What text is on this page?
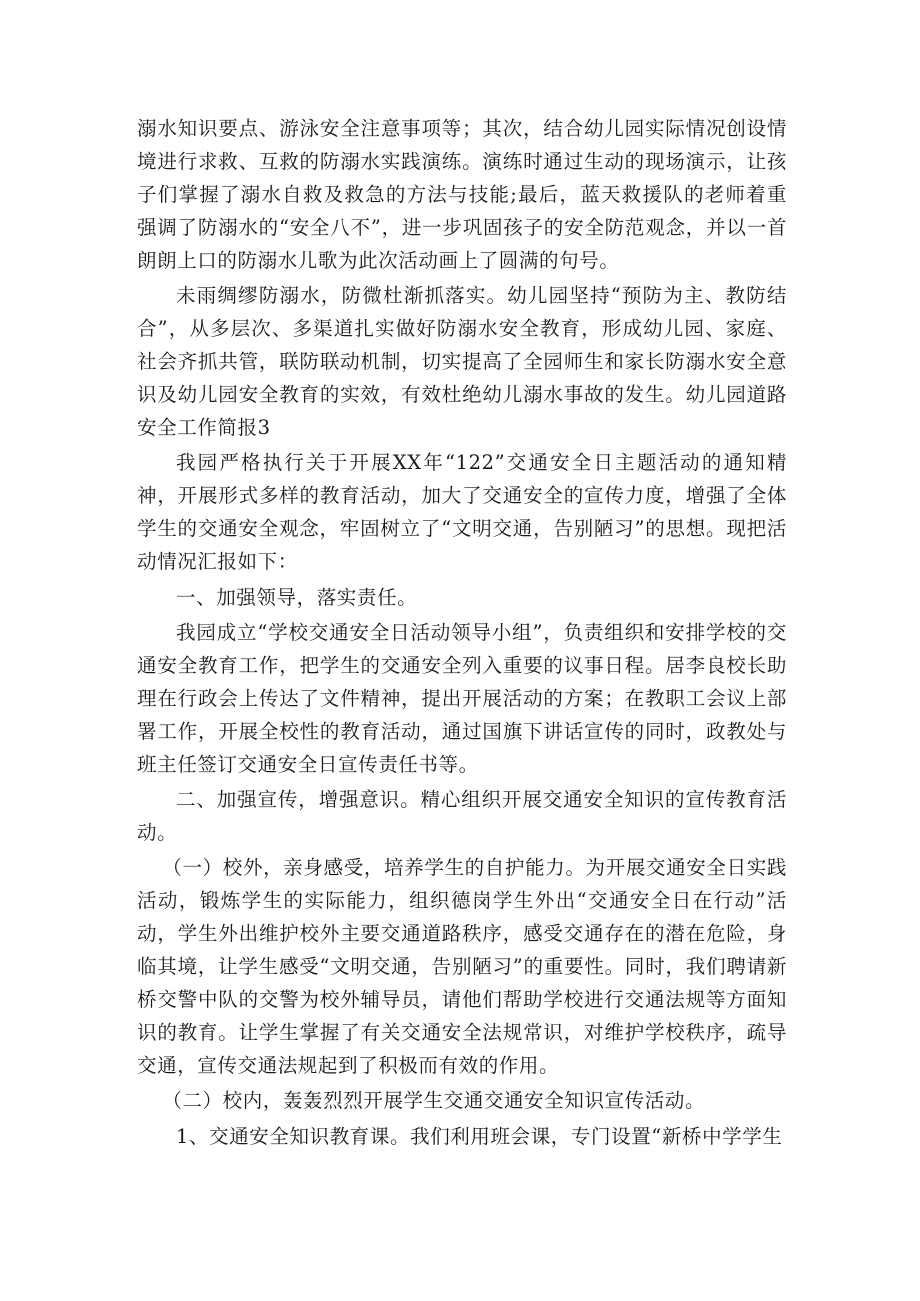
溺水知识要点、游泳安全注意事项等；其次，结合幼儿园实际情况创设情境进行求救、互救的防溺水实践演练。演练时通过生动的现场演示，让孩子们掌握了溺水自救及救急的方法与技能;最后，蓝天救援队的老师着重强调了防溺水的“安全八不”，进一步巩固孩子的安全防范观念，并以一首朗朗上口的防溺水儿歌为此次活动画上了圆满的句号。

未雨绸缪防溺水，防微杜渐抓落实。幼儿园坚持“预防为主、教防结合”，从多层次、多渠道扎实做好防溺水安全教育，形成幼儿园、家庭、社会齐抓共管，联防联动机制，切实提高了全园师生和家长防溺水安全意识及幼儿园安全教育的实效，有效杜绝幼儿溺水事故的发生。幼儿园道路安全工作简报3

我园严格执行关于开展XX年“122”交通安全日主题活动的通知精神，开展形式多样的教育活动，加大了交通安全的宣传力度，增强了全体学生的交通安全观念，牢固树立了“文明交通，告别陋习”的思想。现把活动情况汇报如下：

一、加强领导，落实责任。

我园成立“学校交通安全日活动领导小组”，负责组织和安排学校的交通安全教育工作，把学生的交通安全列入重要的议事日程。居李良校长助理在行政会上传达了文件精神，提出开展活动的方案；在教职工会议上部署工作，开展全校性的教育活动，通过国旗下讲话宣传的同时，政教处与班主任签订交通安全日宣传责任书等。

二、加强宣传，增强意识。精心组织开展交通安全知识的宣传教育活动。

（一）校外，亲身感受，培养学生的自护能力。为开展交通安全日实践活动，锻炼学生的实际能力，组织德岗学生外出“交通安全日在行动”活动，学生外出维护校外主要交通道路秩序，感受交通存在的潜在危险，身临其境，让学生感受“文明交通，告别陋习”的重要性。同时，我们聘请新桥交警中队的交警为校外辅导员，请他们帮助学校进行交通法规等方面知识的教育。让学生掌握了有关交通安全法规常识，对维护学校秩序，疏导交通，宣传交通法规起到了积极而有效的作用。

（二）校内，轰轰烈烈开展学生交通交通安全知识宣传活动。

1、交通安全知识教育课。我们利用班会课，专门设置“新桥中学学生
